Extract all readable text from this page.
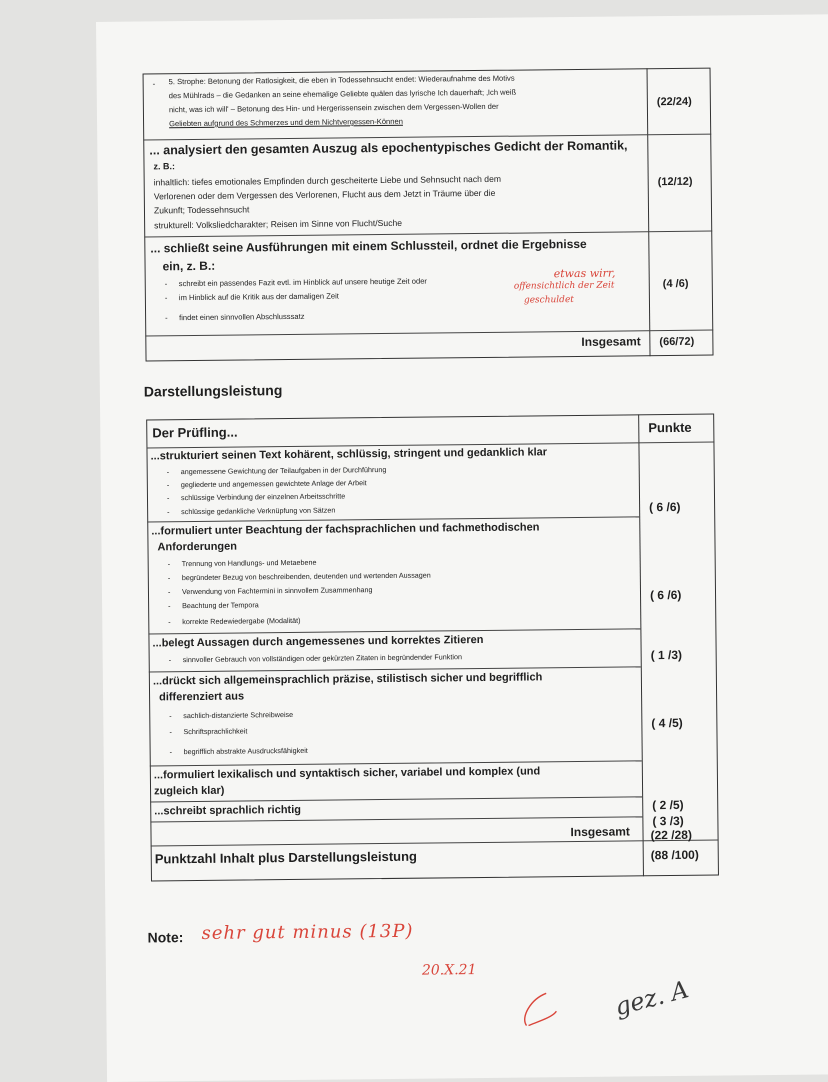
- 5. Strophe: Betonung der Ratlosigkeit, die eben in Todessehnsucht endet: Wiederaufnahme des Motivs
des Mühlrads – die Gedanken an seine ehemalige Geliebte quälen das lyrische Ich dauerhaft; ‚Ich weiß
nicht, was ich will' – Betonung des Hin- und Hergerissensein zwischen dem Vergessen-Wollen der
Geliebten aufgrund des Schmerzes und dem Nichtvergessen-Können
(22/24)
... analysiert den gesamten Auszug als epochentypisches Gedicht der Romantik,
z. B.:
inhaltlich: tiefes emotionales Empfinden durch gescheiterte Liebe und Sehnsucht nach dem
Verlorenen oder dem Vergessen des Verlorenen, Flucht aus dem Jetzt in Träume über die
Zukunft; Todessehnsucht
strukturell: Volksliedcharakter; Reisen im Sinne von Flucht/Suche
(12/12)
... schließt seine Ausführungen mit einem Schlussteil, ordnet die Ergebnisse
ein, z. B.:
- schreibt ein passendes Fazit evtl. im Hinblick auf unsere heutige Zeit oder
- im Hinblick auf die Kritik aus der damaligen Zeit
- findet einen sinnvollen Abschlusssatz
etwas wirr,
offensichtlich der Zeit
geschuldet
(4 /6)
Insgesamt (66/72)
Darstellungsleistung
Der Prüfling...	Punkte
...strukturiert seinen Text kohärent, schlüssig, stringent und gedanklich klar
- angemessene Gewichtung der Teilaufgaben in der Durchführung
- gegliederte und angemessen gewichtete Anlage der Arbeit
- schlüssige Verbindung der einzelnen Arbeitsschritte
- schlüssige gedankliche Verknüpfung von Sätzen	( 6 /6)
...formuliert unter Beachtung der fachsprachlichen und fachmethodischen
Anforderungen
- Trennung von Handlungs- und Metaebene
- begründeter Bezug von beschreibenden, deutenden und wertenden Aussagen
- Verwendung von Fachtermini in sinnvollem Zusammenhang
- Beachtung der Tempora
- korrekte Redewiedergabe (Modalität)
( 6 /6)
...belegt Aussagen durch angemessenes und korrektes Zitieren
- sinnvoller Gebrauch von vollständigen oder gekürzten Zitaten in begründender Funktion	( 1 /3)
...drückt sich allgemeinsprachlich präzise, stilistisch sicher und begrifflich
differenziert aus
- sachlich-distanzierte Schreibweise
- Schriftsprachlichkeit
- begrifflich abstrakte Ausdrucksfähigkeit
( 4 /5)
...formuliert lexikalisch und syntaktisch sicher, variabel und komplex (und
zugleich klar)
( 2 /5)
...schreibt sprachlich richtig
( 3 /3)
Insgesamt (22 /28)
Punktzahl Inhalt plus Darstellungsleistung	(88 /100)
Note: sehr gut minus (13P)
20.X.21
gez. A
